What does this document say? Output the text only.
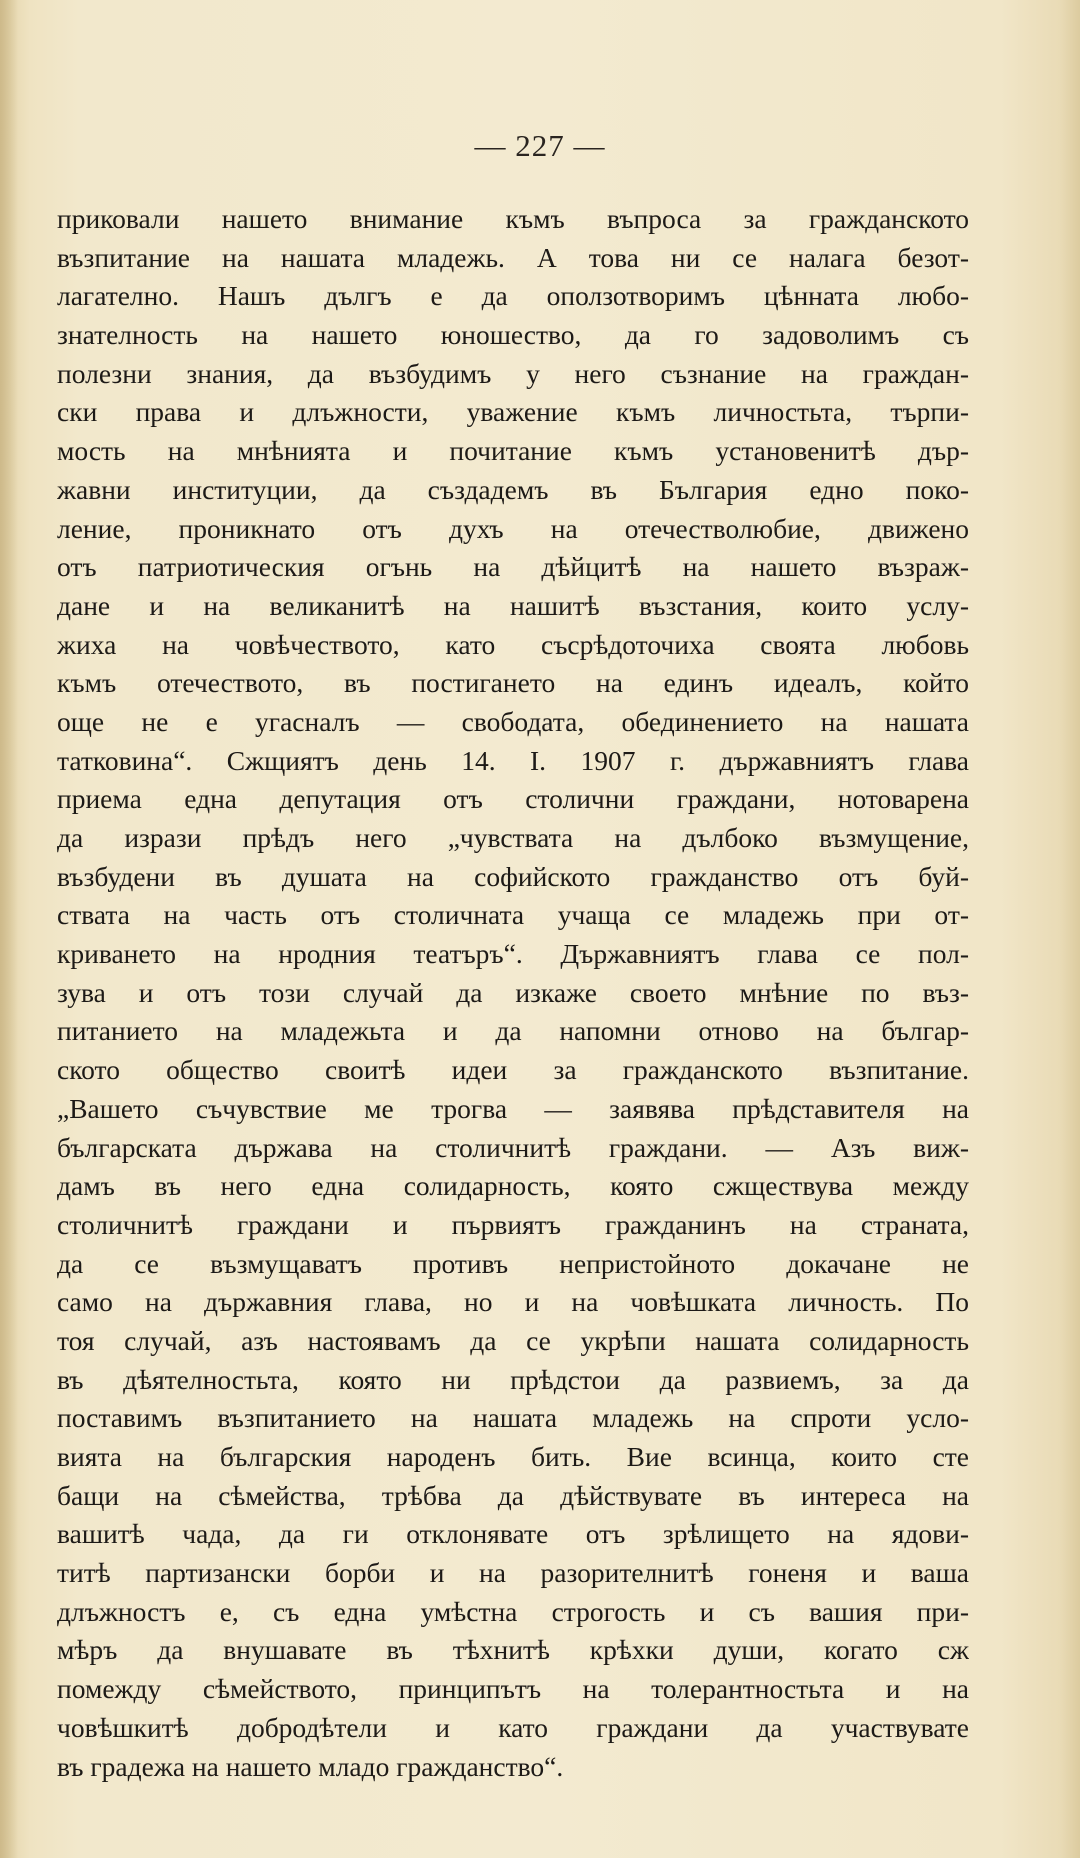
— 227 —
приковали нашето внимание къмъ въпроса за гражданското
възпитание на нашата младежь. А това ни се налага безот-
лагателно. Нашъ дългъ е да оползотворимъ цѣнната любо-
знателность на нашето юношество, да го задоволимъ съ
полезни знания, да възбудимъ у него съзнание на граждан-
ски права и длъжности, уважение къмъ личностьта, търпи-
мость на мнѣнията и почитание къмъ установенитѣ дър-
жавни институции, да създадемъ въ България едно поко-
ление, проникнато отъ духъ на отечестволюбие, движено
отъ патриотическия огънь на дѣйцитѣ на нашето възраж-
дане и на великанитѣ на нашитѣ възстания, които услу-
жиха на човѣчеството, като съсрѣдоточиха своята любовь
къмъ отечеството, въ постигането на единъ идеалъ, който
още не е угасналъ — свободата, обединението на нашата
татковина“. Сжщиятъ день 14. I. 1907 г. държавниятъ глава
приема една депутация отъ столични граждани, нотоварена
да изрази прѣдъ него „чувствата на дълбоко възмущение,
възбудени въ душата на софийското гражданство отъ буй-
ствата на часть отъ столичната учаща се младежь при от-
криването на нродния театъръ“. Държавниятъ глава се пол-
зува и отъ този случай да изкаже своето мнѣние по въз-
питанието на младежьта и да напомни отново на българ-
ското общество своитѣ идеи за гражданското възпитание.
„Вашето съчувствие ме трогва — заявява прѣдставителя на
българската държава на столичнитѣ граждани. — Азъ виж-
дамъ въ него една солидарность, която сжществува между
столичнитѣ граждани и първиятъ гражданинъ на страната,
да се възмущаватъ противъ непристойното докачане не
само на държавния глава, но и на човѣшката личность. По
тоя случай, азъ настоявамъ да се укрѣпи нашата солидарность
въ дѣятелностьта, която ни прѣдстои да развиемъ, за да
поставимъ възпитанието на нашата младежь на спроти усло-
вията на българския народенъ бить. Вие всинца, които сте
бащи на сѣмейства, трѣбва да дѣйствувате въ интереса на
вашитѣ чада, да ги отклонявате отъ зрѣлището на ядови-
титѣ партизански борби и на разорителнитѣ гоненя и ваша
длъжностъ е, съ една умѣстна строгость и съ вашия при-
мѣръ да внушавате въ тѣхнитѣ крѣхки души, когато сж
помежду сѣмейството, принципътъ на толерантностьта и на
човѣшкитѣ добродѣтели и като граждани да участвувате
въ градежа на нашето младо гражданство“.
